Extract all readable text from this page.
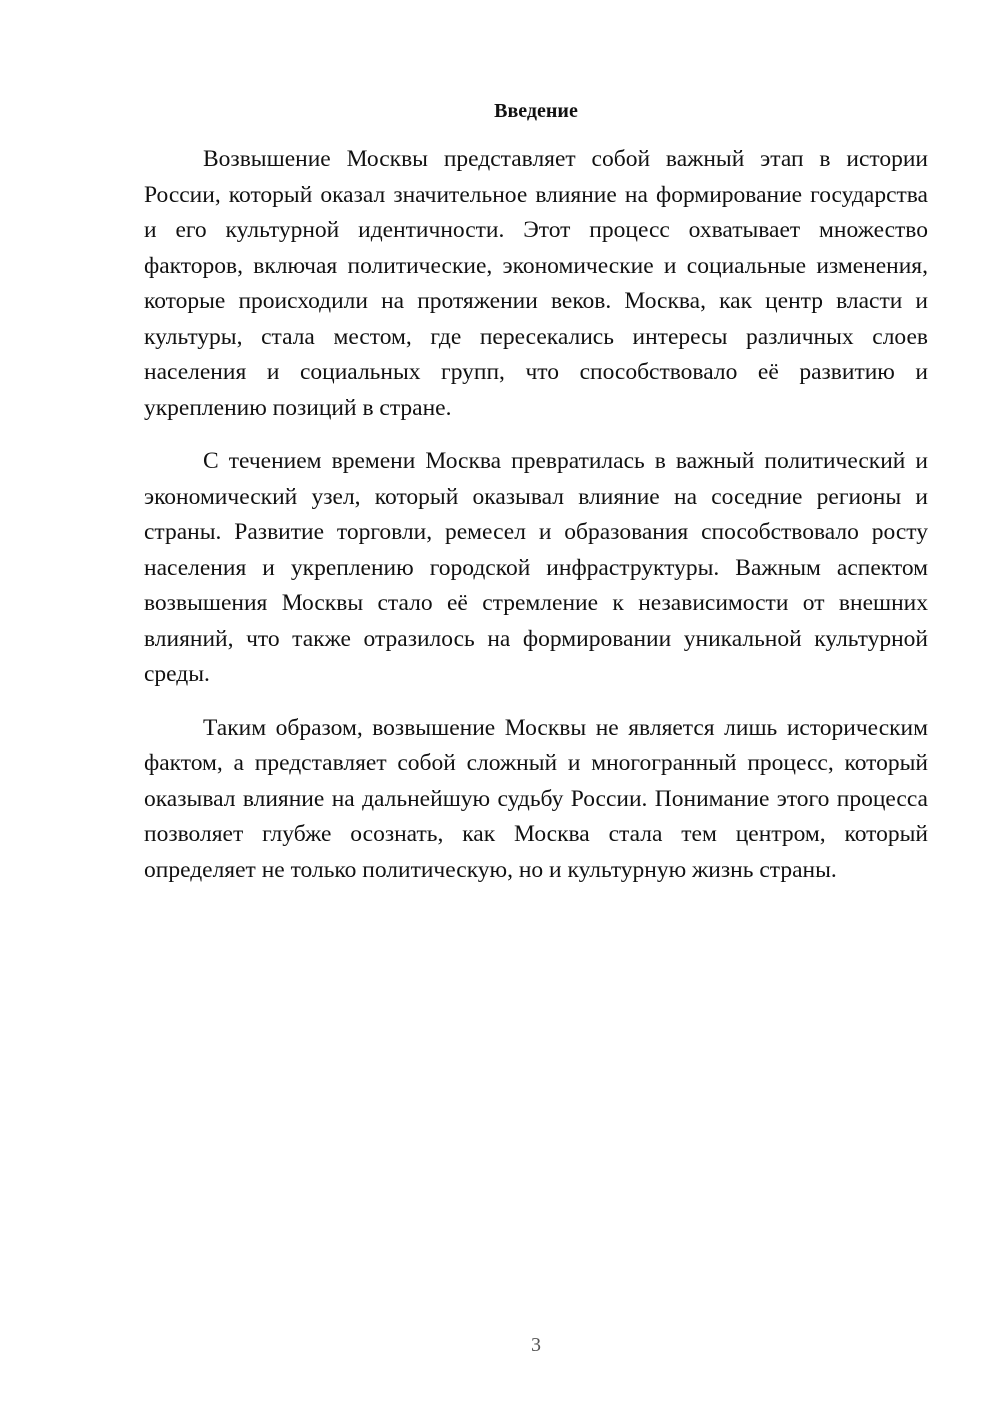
Введение

Возвышение Москвы представляет собой важный этап в истории России, который оказал значительное влияние на формирование государства и его культурной идентичности. Этот процесс охватывает множество факторов, включая политические, экономические и социальные изменения, которые происходили на протяжении веков. Москва, как центр власти и культуры, стала местом, где пересекались интересы различных слоев населения и социальных групп, что способствовало её развитию и укреплению позиций в стране.

С течением времени Москва превратилась в важный политический и экономический узел, который оказывал влияние на соседние регионы и страны. Развитие торговли, ремесел и образования способствовало росту населения и укреплению городской инфраструктуры. Важным аспектом возвышения Москвы стало её стремление к независимости от внешних влияний, что также отразилось на формировании уникальной культурной среды.

Таким образом, возвышение Москвы не является лишь историческим фактом, а представляет собой сложный и многогранный процесс, который оказывал влияние на дальнейшую судьбу России. Понимание этого процесса позволяет глубже осознать, как Москва стала тем центром, который определяет не только политическую, но и культурную жизнь страны.

3
